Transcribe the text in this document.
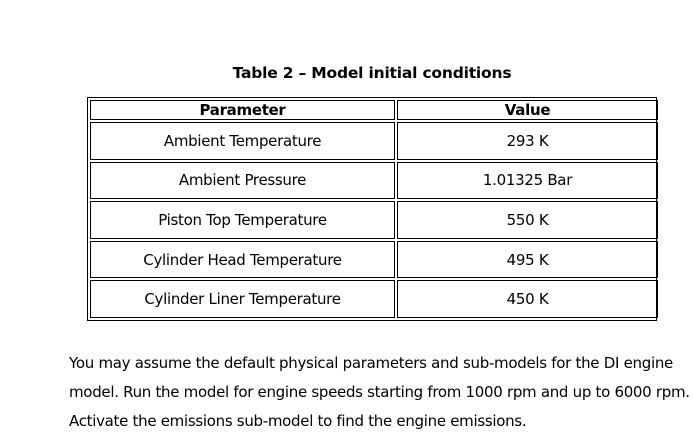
Table 2 – Model initial conditions
Parameter	Value
Ambient Temperature	293 K
Ambient Pressure	1.01325 Bar
Piston Top Temperature	550 K
Cylinder Head Temperature	495 K
Cylinder Liner Temperature	450 K

You may assume the default physical parameters and sub-models for the DI engine
model. Run the model for engine speeds starting from 1000 rpm and up to 6000 rpm.
Activate the emissions sub-model to find the engine emissions.
